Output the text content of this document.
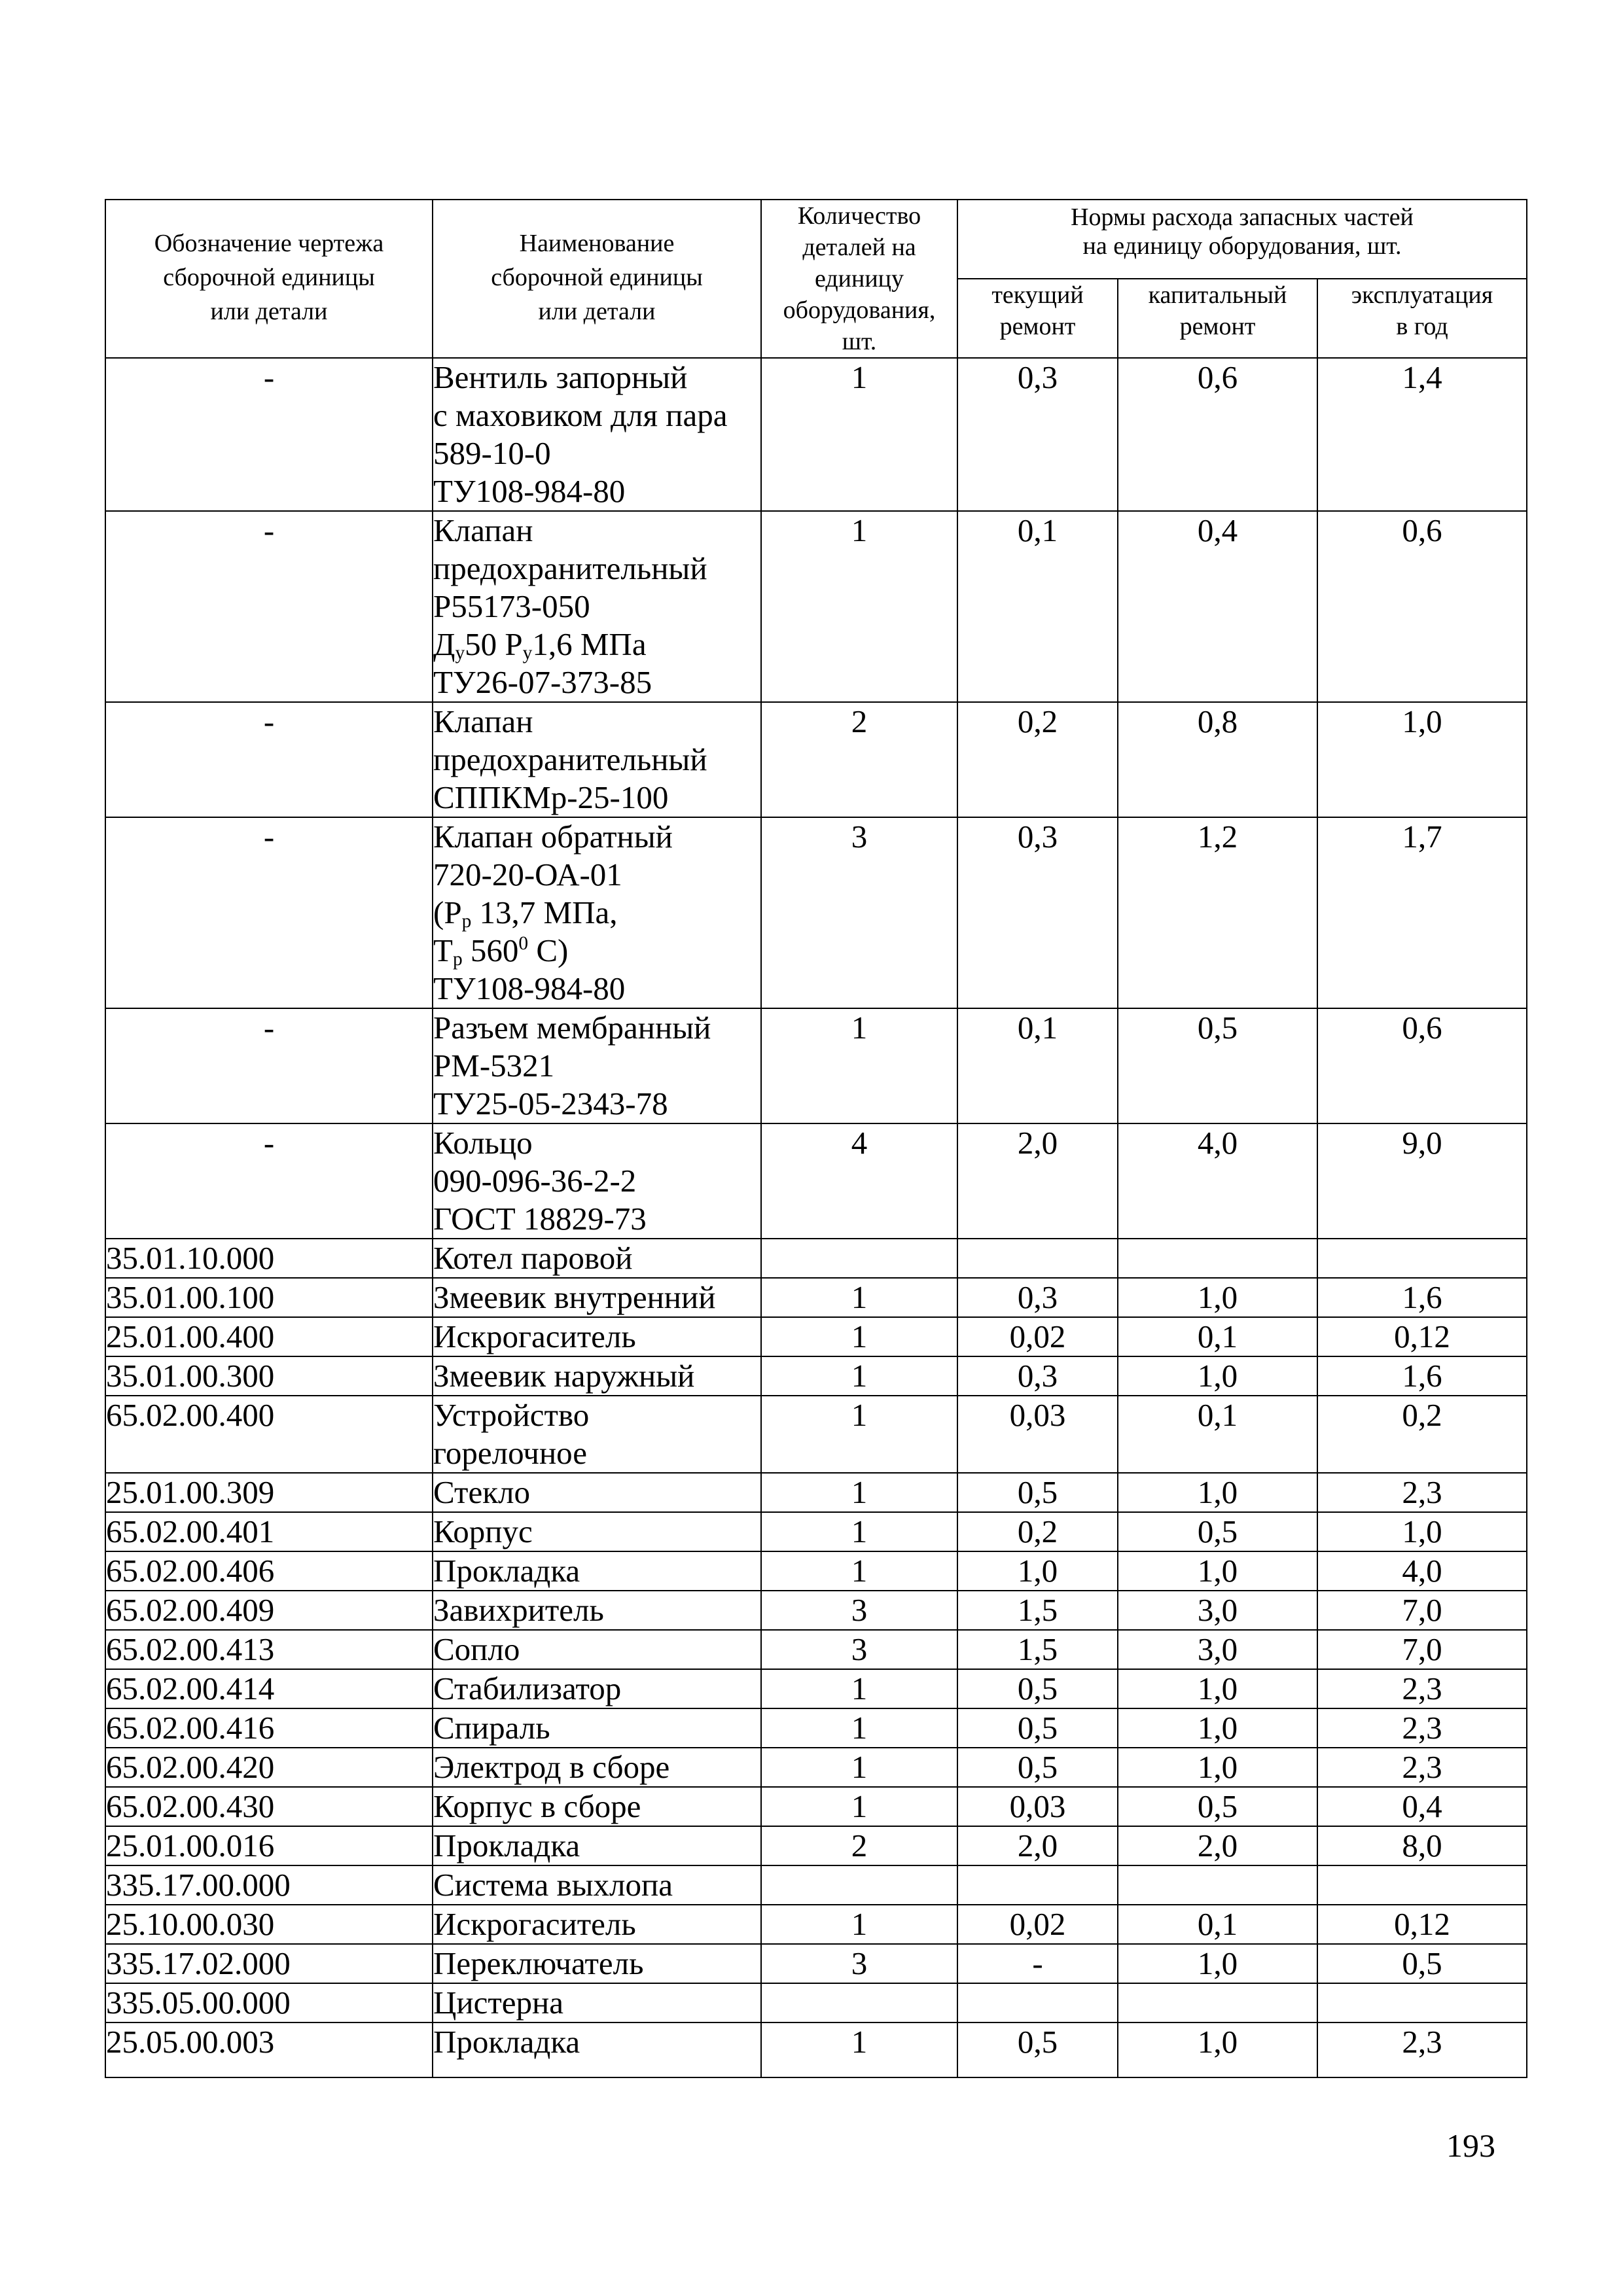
Обозначение чертежа
сборочной единицы
или детали	Наименование
сборочной единицы
или детали	Количество
деталей на
единицу
оборудования,
шт.	Нормы расхода запасных частей
на единицу оборудования, шт.		

			текущий
ремонт	капитальный
ремонт	эксплуатация
в год

-	Вентиль запорный
с маховиком для пара
589-10-0
ТУ108-984-80	1	0,3	0,6	1,4
-	Клапан
предохранительный
Р55173-050
$Д_у50$ $Р_у1,6$ МПа
ТУ26-07-373-85	1	0,1	0,4	0,6
-	Клапан
предохранительный
СППКМр-25-100	2	0,2	0,8	1,0
-	Клапан обратный
720-20-ОА-01
($Р_р$ 13,7 МПа,
$Т_р$ $560^0$ С)
ТУ108-984-80	3	0,3	1,2	1,7
-	Разъем мембранный
РМ-5321
ТУ25-05-2343-78	1	0,1	0,5	0,6
-	Кольцо
090-096-36-2-2
ГОСТ 18829-73	4	2,0	4,0	9,0
35.01.10.000	Котел паровой				

35.01.00.100	Змеевик внутренний	1	0,3	1,0	1,6
25.01.00.400	Искрогаситель	1	0,02	0,1	0,12
35.01.00.300	Змеевик наружный	1	0,3	1,0	1,6
65.02.00.400	Устройство
горелочное	1	0,03	0,1	0,2
25.01.00.309	Стекло	1	0,5	1,0	2,3
65.02.00.401	Корпус	1	0,2	0,5	1,0
65.02.00.406	Прокладка	1	1,0	1,0	4,0
65.02.00.409	Завихритель	3	1,5	3,0	7,0
65.02.00.413	Сопло	3	1,5	3,0	7,0
65.02.00.414	Стабилизатор	1	0,5	1,0	2,3
65.02.00.416	Спираль	1	0,5	1,0	2,3
65.02.00.420	Электрод в сборе	1	0,5	1,0	2,3
65.02.00.430	Корпус в сборе	1	0,03	0,5	0,4
25.01.00.016	Прокладка	2	2,0	2,0	8,0
335.17.00.000	Система выхлопа				

25.10.00.030	Искрогаситель	1	0,02	0,1	0,12
335.17.02.000	Переключатель	3	-	1,0	0,5
335.05.00.000	Цистерна				

25.05.00.003	Прокладка	1	0,5	1,0	2,3
193
